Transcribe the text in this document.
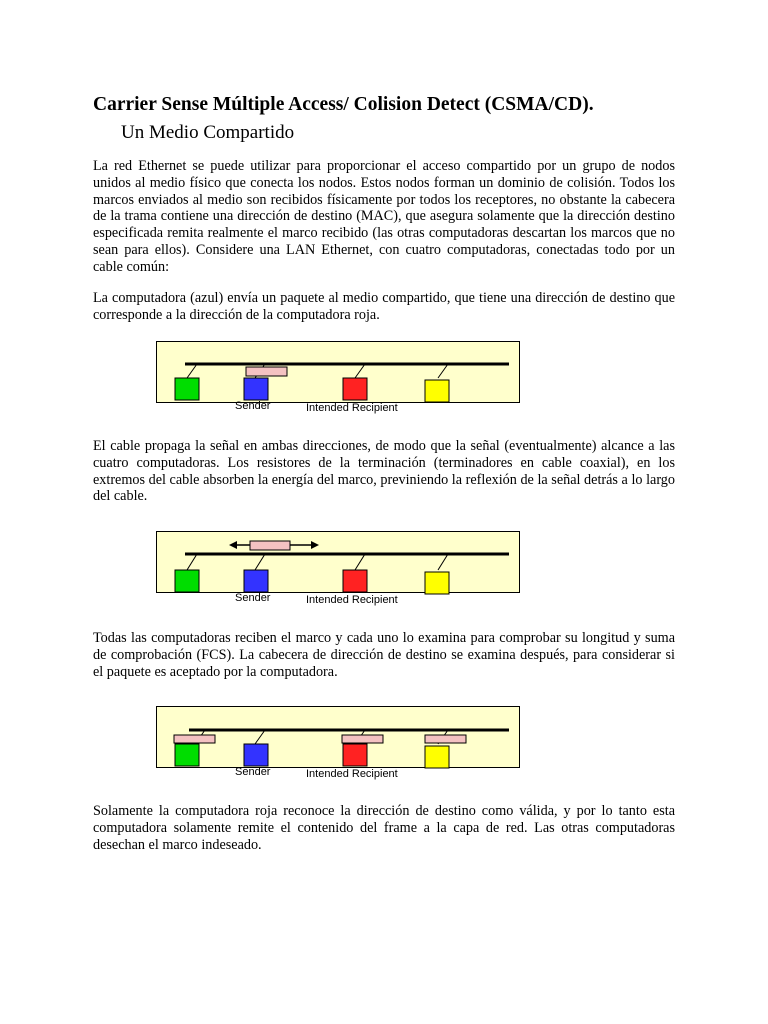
Carrier Sense Múltiple Access/ Colision Detect (CSMA/CD).
Un Medio Compartido

La red Ethernet se puede utilizar para proporcionar el acceso compartido por un grupo de nodos unidos al medio físico que conecta los nodos. Estos nodos forman un dominio de colisión. Todos los marcos enviados al medio son recibidos físicamente por todos los receptores, no obstante la cabecera de la trama contiene una dirección de destino (MAC), que asegura solamente que la dirección destino especificada remita realmente el marco recibido (las otras computadoras descartan los marcos que no sean para ellos). Considere una LAN Ethernet, con cuatro computadoras, conectadas todo por un cable común:

La computadora (azul) envía un paquete al medio compartido, que tiene una dirección de destino que corresponde a la dirección de la computadora roja.

Sender	Intended Recipient

El cable propaga la señal en ambas direcciones, de modo que la señal (eventualmente) alcance a las cuatro computadoras. Los resistores de la terminación (terminadores en cable coaxial), en los extremos del cable absorben la energía del marco, previniendo la reflexión de la señal detrás a lo largo del cable.

Sender	Intended Recipient

Todas las computadoras reciben el marco y cada uno lo examina para comprobar su longitud y suma de comprobación (FCS). La cabecera de dirección de destino se examina después, para considerar si el paquete es aceptado por la computadora.

Sender	Intended Recipient

Solamente la computadora roja reconoce la dirección de destino como válida, y por lo tanto esta computadora solamente remite el contenido del frame a la capa de red. Las otras computadoras desechan el marco indeseado.
